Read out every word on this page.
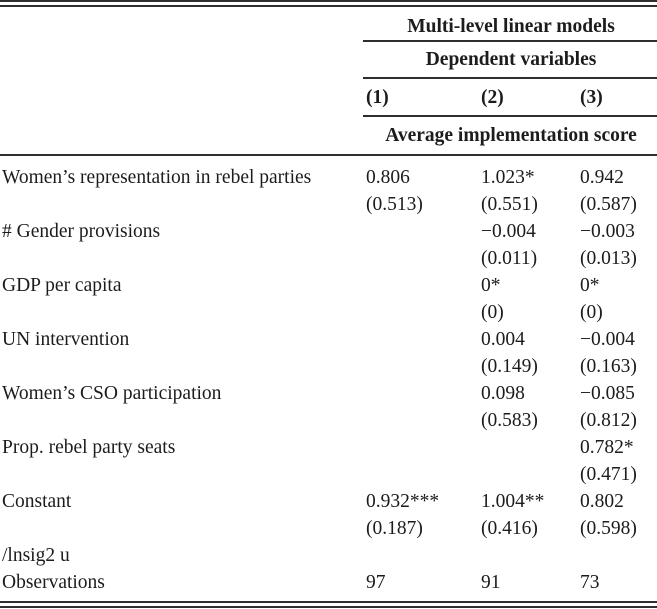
	Multi-level linear models		
	Dependent variables		
	(1)	(2)	(3)
	Average implementation score		
Women’s representation in rebel parties	0.806	1.023*	0.942
	(0.513)	(0.551)	(0.587)
# Gender provisions		−0.004	−0.003
		(0.011)	(0.013)
GDP per capita		0*	0*
		(0)	(0)
UN intervention		0.004	−0.004
		(0.149)	(0.163)
Women’s CSO participation		0.098	−0.085
		(0.583)	(0.812)
Prop. rebel party seats			0.782*
			(0.471)
Constant	0.932***	1.004**	0.802
	(0.187)	(0.416)	(0.598)
/lnsig2 u			
Observations	97	91	73
